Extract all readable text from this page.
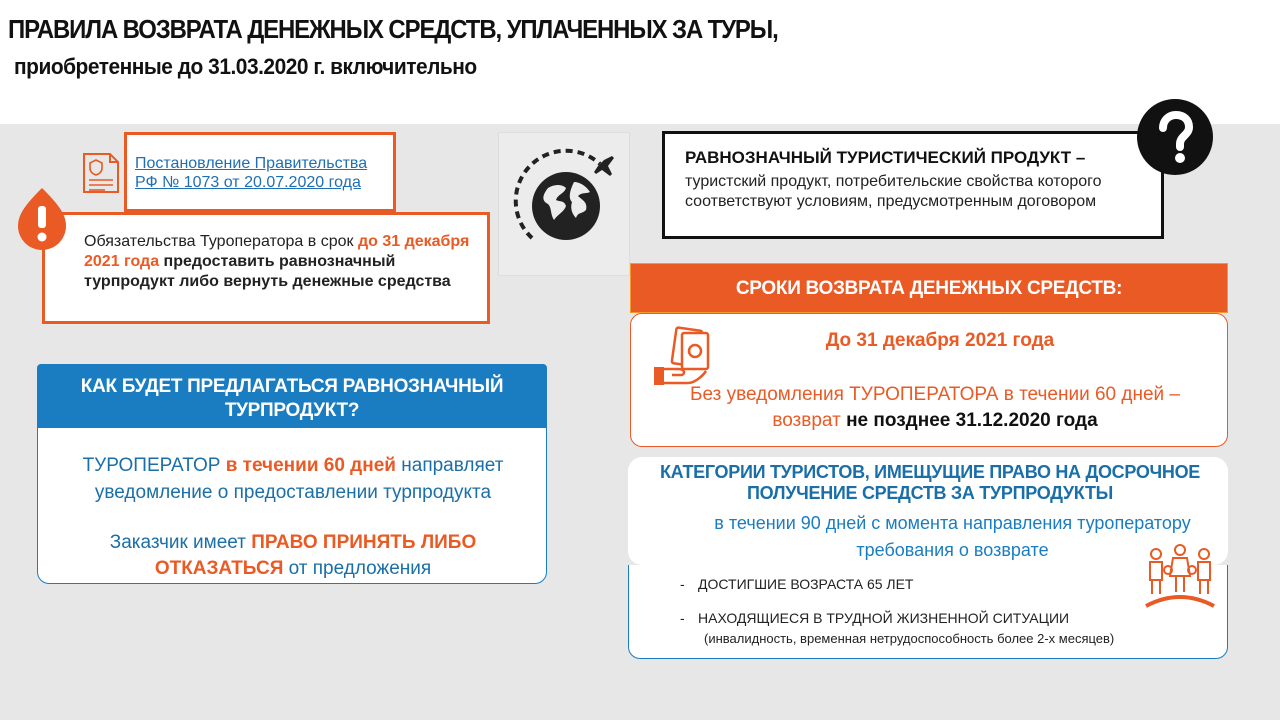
ПРАВИЛА ВОЗВРАТА ДЕНЕЖНЫХ СРЕДСТВ, УПЛАЧЕННЫХ ЗА ТУРЫ,
приобретенные до 31.03.2020 г. включительно
Постановление Правительства
РФ № 1073 от 20.07.2020 года
Обязательства Туроператора в срок до 31 декабря 2021 года предоставить равнозначный турпродукт либо вернуть денежные средства
КАК БУДЕТ ПРЕДЛАГАТЬСЯ РАВНОЗНАЧНЫЙ ТУРПРОДУКТ?
ТУРОПЕРАТОР в течении 60 дней направляет уведомление о предоставлении турпродукта
Заказчик имеет ПРАВО ПРИНЯТЬ ЛИБО ОТКАЗАТЬСЯ от предложения
РАВНОЗНАЧНЫЙ ТУРИСТИЧЕСКИЙ ПРОДУКТ –
туристский продукт, потребительские свойства которого соответствуют условиям, предусмотренным договором
СРОКИ ВОЗВРАТА ДЕНЕЖНЫХ СРЕДСТВ:
До 31 декабря 2021 года
Без уведомления ТУРОПЕРАТОРА в течении 60 дней – возврат не позднее 31.12.2020 года
КАТЕГОРИИ ТУРИСТОВ, ИМЕЩУЩИЕ ПРАВО НА ДОСРОЧНОЕ ПОЛУЧЕНИЕ СРЕДСТВ ЗА ТУРПРОДУКТЫ
в течении 90 дней с момента направления туроператору требования о возврате
- ДОСТИГШИЕ ВОЗРАСТА 65 ЛЕТ
- НАХОДЯЩИЕСЯ В ТРУДНОЙ ЖИЗНЕННОЙ СИТУАЦИИ
(инвалидность, временная нетрудоспособность более 2-х месяцев)
